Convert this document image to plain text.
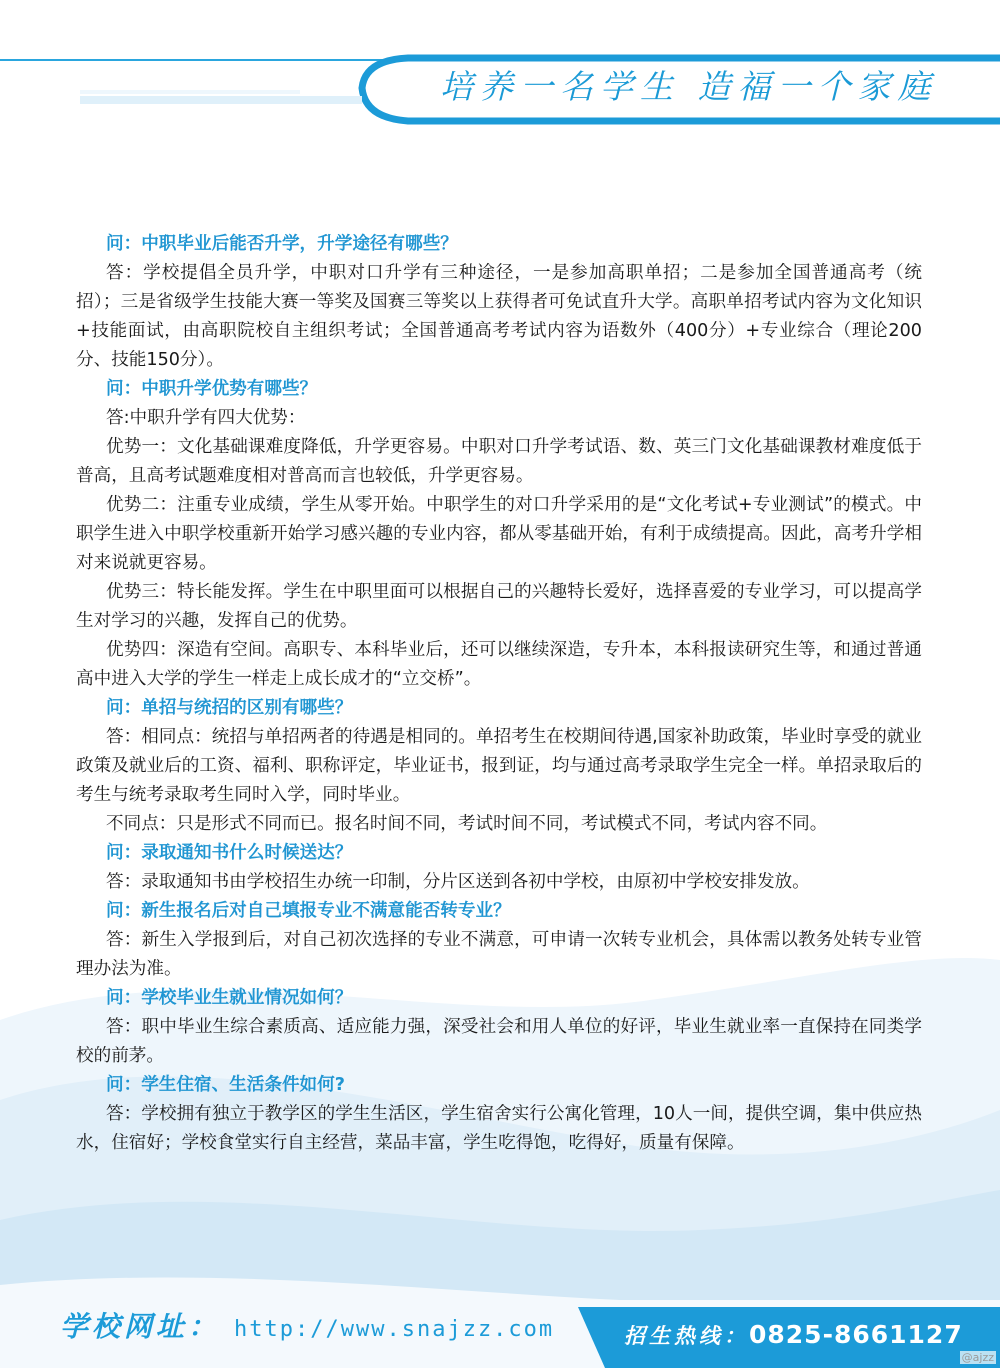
培养一名学生 造福一个家庭

问：中职毕业后能否升学，升学途径有哪些？

答：学校提倡全员升学，中职对口升学有三种途径，一是参加高职单招；二是参加全国普通高考（统招）；三是省级学生技能大赛一等奖及国赛三等奖以上获得者可免试直升大学。高职单招考试内容为文化知识+技能面试，由高职院校自主组织考试；全国普通高考考试内容为语数外（400分）+专业综合（理论200分、技能150分）。

问：中职升学优势有哪些？

答:中职升学有四大优势：

优势一：文化基础课难度降低，升学更容易。中职对口升学考试语、数、英三门文化基础课教材难度低于普高，且高考试题难度相对普高而言也较低，升学更容易。

优势二：注重专业成绩，学生从零开始。中职学生的对口升学采用的是“文化考试+专业测试”的模式。中职学生进入中职学校重新开始学习感兴趣的专业内容，都从零基础开始，有利于成绩提高。因此，高考升学相对来说就更容易。

优势三：特长能发挥。学生在中职里面可以根据自己的兴趣特长爱好，选择喜爱的专业学习，可以提高学生对学习的兴趣，发挥自己的优势。

优势四：深造有空间。高职专、本科毕业后，还可以继续深造，专升本，本科报读研究生等，和通过普通高中进入大学的学生一样走上成长成才的“立交桥”。

问：单招与统招的区别有哪些？

答：相同点：统招与单招两者的待遇是相同的。单招考生在校期间待遇,国家补助政策，毕业时享受的就业政策及就业后的工资、福利、职称评定，毕业证书，报到证，均与通过高考录取学生完全一样。单招录取后的考生与统考录取考生同时入学，同时毕业。

不同点：只是形式不同而已。报名时间不同，考试时间不同，考试模式不同，考试内容不同。

问：录取通知书什么时候送达？

答：录取通知书由学校招生办统一印制，分片区送到各初中学校，由原初中学校安排发放。

问：新生报名后对自己填报专业不满意能否转专业？

答：新生入学报到后，对自己初次选择的专业不满意，可申请一次转专业机会，具体需以教务处转专业管理办法为准。

问：学校毕业生就业情况如何？

答：职中毕业生综合素质高、适应能力强，深受社会和用人单位的好评，毕业生就业率一直保持在同类学校的前茅。

问：学生住宿、生活条件如何?

答：学校拥有独立于教学区的学生生活区，学生宿舍实行公寓化管理，10人一间，提供空调，集中供应热水，住宿好；学校食堂实行自主经营，菜品丰富，学生吃得饱，吃得好，质量有保障。

学校网址： http://www.snajzz.com	招生热线：0825-8661127
@ajzz
